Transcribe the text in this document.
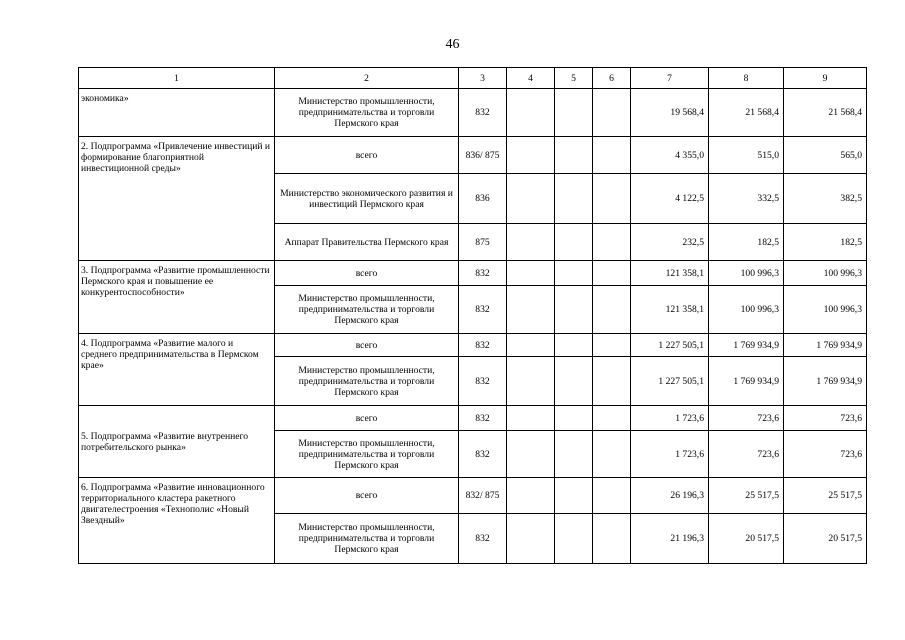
46
1	2	3	4	5	6	7	8	9
экономика»	Министерство промышленности, предпринимательства и торговли Пермского края	832				19 568,4	21 568,4	21 568,4
2. Подпрограмма «Привлечение инвестиций и формирование благоприятной инвестиционной среды»	всего	836/ 875				4 355,0	515,0	565,0
	Министерство экономического развития и инвестиций Пермского края	836				4 122,5	332,5	382,5
	Аппарат Правительства Пермского края	875				232,5	182,5	182,5
3. Подпрограмма «Развитие промышленности Пермского края и повышение ее конкурентоспособности»	всего	832				121 358,1	100 996,3	100 996,3
	Министерство промышленности, предпринимательства и торговли Пермского края	832				121 358,1	100 996,3	100 996,3
4. Подпрограмма «Развитие малого и среднего предпринимательства в Пермском крае»	всего	832				1 227 505,1	1 769 934,9	1 769 934,9
	Министерство промышленности, предпринимательства и торговли Пермского края	832				1 227 505,1	1 769 934,9	1 769 934,9
5. Подпрограмма «Развитие внутреннего потребительского рынка»	всего	832				1 723,6	723,6	723,6
	Министерство промышленности, предпринимательства и торговли Пермского края	832				1 723,6	723,6	723,6
6. Подпрограмма «Развитие инновационного территориального кластера ракетного двигателестроения «Технополис «Новый Звездный»	всего	832/ 875				26 196,3	25 517,5	25 517,5
	Министерство промышленности, предпринимательства и торговли Пермского края	832				21 196,3	20 517,5	20 517,5
